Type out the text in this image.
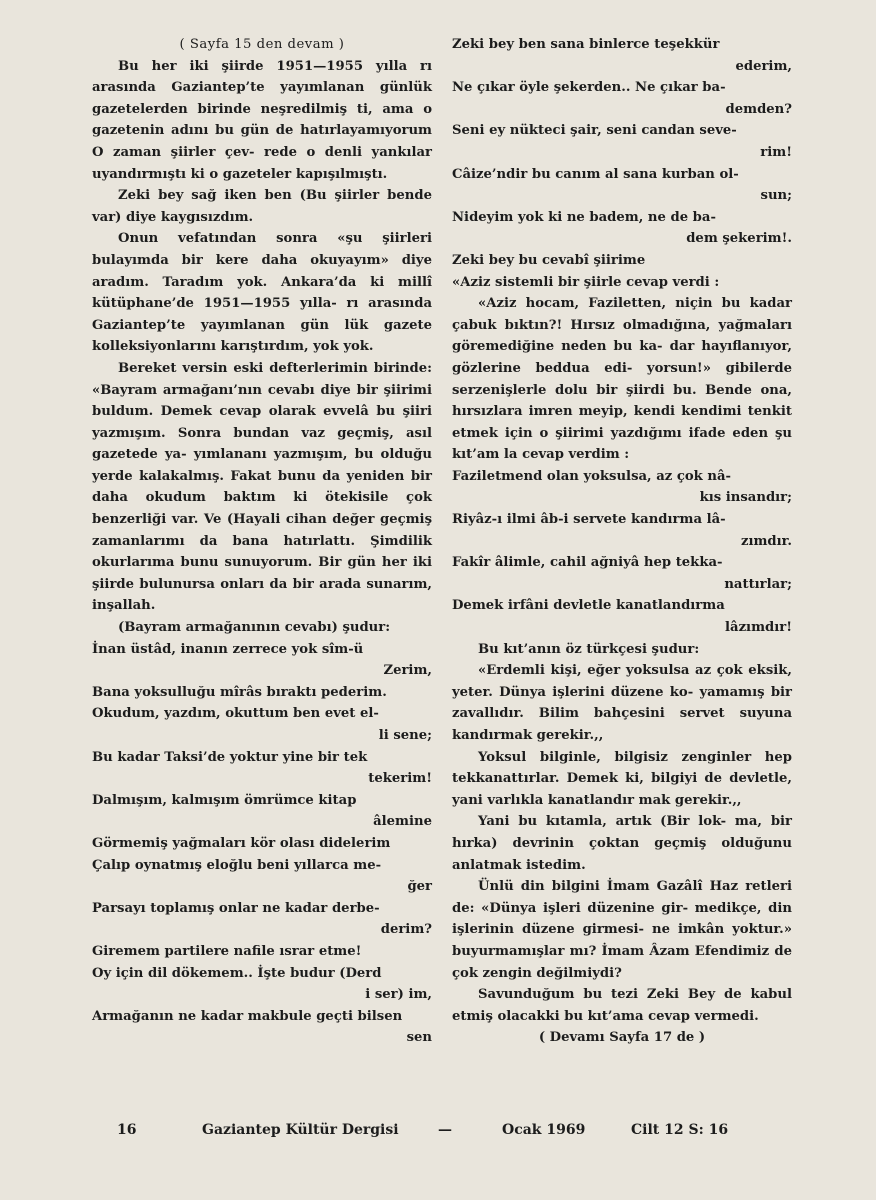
( Sayfa 15 den devam )

Bu her iki şiirde 1951—1955 yılla rı arasında Gaziantep’te yayımlanan günlük gazetelerden birinde neşredilmiş ti, ama o gazetenin adını bu gün de hatırlayamıyorum O zaman şiirler çev- rede o denli yankılar uyandırmıştı ki o gazeteler kapışılmıştı.

Zeki bey sağ iken ben (Bu şiirler bende var) diye kaygısızdım.

Onun vefatından sonra «şu şiirleri bulayımda bir kere daha okuyayım» diye aradım. Taradım yok. Ankara’da ki millî kütüphane’de 1951—1955 yılla- rı arasında Gaziantep’te yayımlanan gün lük gazete kolleksiyonlarını karıştırdım, yok yok.

Bereket versin eski defterlerimin birinde: «Bayram armağanı’nın cevabı diye bir şiirimi buldum. Demek cevap olarak evvelâ bu şiiri yazmışım. Sonra bundan vaz geçmiş, asıl gazetede ya- yımlananı yazmışım, bu olduğu yerde kalakalmış. Fakat bunu da yeniden bir daha okudum baktım ki ötekisile çok benzerliği var. Ve (Hayali cihan değer geçmiş zamanlarımı da bana hatırlattı. Şimdilik okurlarıma bunu sunuyorum. Bir gün her iki şiirde bulunursa onları da bir arada sunarım, inşallah.

(Bayram armağanının cevabı) şudur:

İnan üstâd, inanın zerrece yok sîm-ü
Zerim,
Bana yoksulluğu mîrâs bıraktı pederim.
Okudum, yazdım, okuttum ben evet el-
li sene;
Bu kadar Taksi’de yoktur yine bir tek
tekerim!
Dalmışım, kalmışım ömrümce kitap
âlemine
Görmemiş yağmaları kör olası didelerim
Çalıp oynatmış eloğlu beni yıllarca me-
ğer
Parsayı toplamış onlar ne kadar derbe-
derim?
Giremem partilere nafile ısrar etme!
Oy için dil dökemem.. İşte budur (Derd
i ser) im,
Armağanın ne kadar makbule geçti bilsen
sen
Zeki bey ben sana binlerce teşekkür
ederim,
Ne çıkar öyle şekerden.. Ne çıkar ba-
demden?
Seni ey nükteci şair, seni candan seve-
rim!
Câize’ndir bu canım al sana kurban ol-
sun;
Nideyim yok ki ne badem, ne de ba-
dem şekerim!.

Zeki bey bu cevabî şiirime

«Aziz sistemli bir şiirle cevap verdi :

«Aziz hocam, Faziletten, niçin bu kadar çabuk bıktın?! Hırsız olmadığına, yağmaları göremediğine neden bu ka- dar hayıflanıyor, gözlerine beddua edi- yorsun!» gibilerde serzenişlerle dolu bir şiirdi bu. Bende ona, hırsızlara imren meyip, kendi kendimi tenkit etmek için o şiirimi yazdığımı ifade eden şu kıt’am la cevap verdim :

Faziletmend olan yoksulsa, az çok nâ-
kıs insandır;
Riyâz-ı ilmi âb-i servete kandırma lâ-
zımdır.
Fakîr âlimle, cahil ağniyâ hep tekka-
nattırlar;
Demek irfâni devletle kanatlandırma
lâzımdır!

Bu kıt’anın öz türkçesi şudur:

«Erdemli kişi, eğer yoksulsa az çok eksik, yeter. Dünya işlerini düzene ko- yamamış bir zavallıdır. Bilim bahçesini servet suyuna kandırmak gerekir.,,

Yoksul bilginle, bilgisiz zenginler hep tekkanattırlar. Demek ki, bilgiyi de devletle, yani varlıkla kanatlandır mak gerekir.,,

Yani bu kıtamla, artık (Bir lok- ma, bir hırka) devrinin çoktan geçmiş olduğunu anlatmak istedim.

Ünlü din bilgini İmam Gazâlî Haz retleri de: «Dünya işleri düzenine gir- medikçe, din işlerinin düzene girmesi- ne imkân yoktur.» buyurmamışlar mı? İmam Âzam Efendimiz de çok zengin değilmiydi?

Savunduğum bu tezi Zeki Bey de kabul etmiş olacakki bu kıt’ama cevap vermedi.

( Devamı Sayfa 17 de )

16	Gaziantep Kültür Dergisi	—	Ocak 1969	Cilt 12 S: 16
